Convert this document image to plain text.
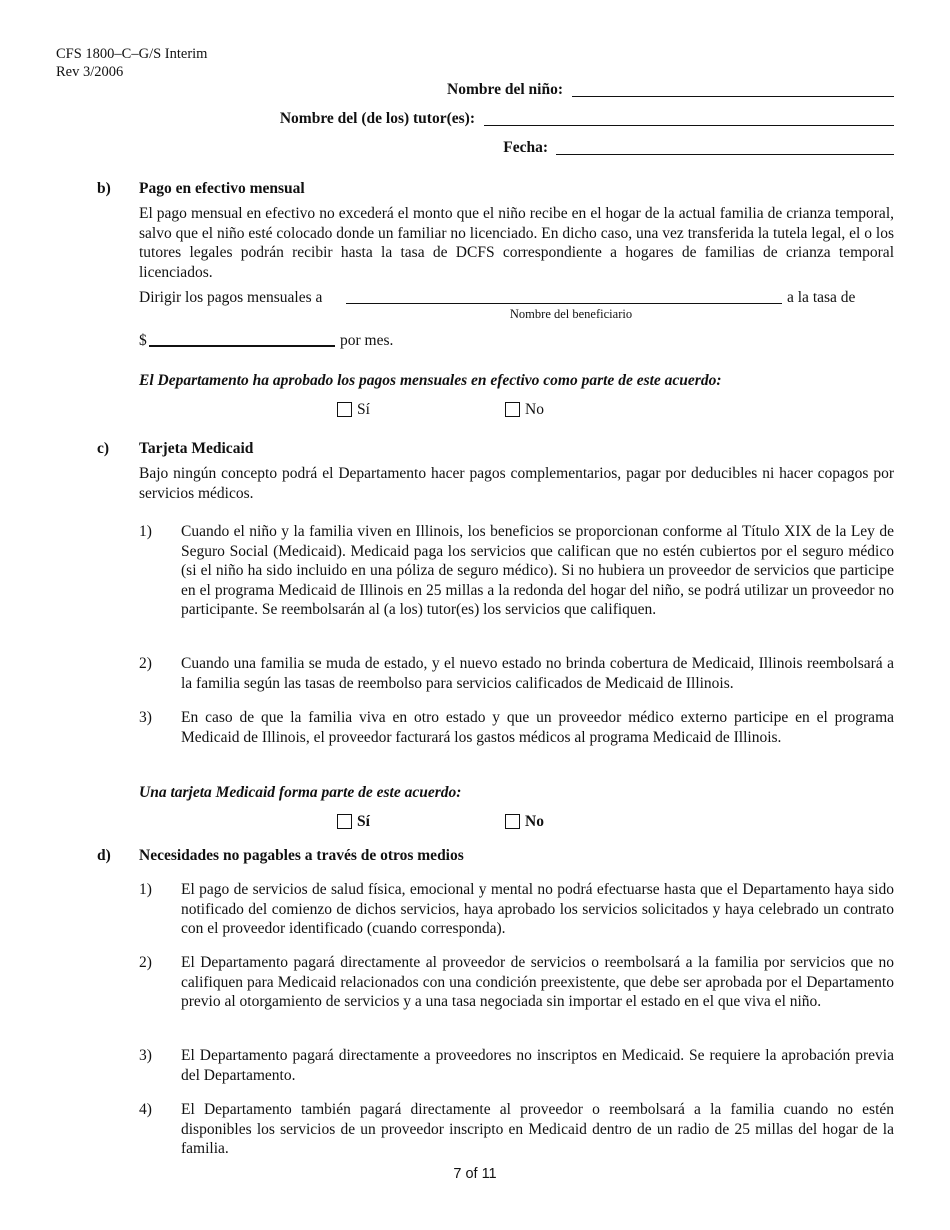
CFS 1800–C–G/S Interim
Rev 3/2006
Nombre del niño:
Nombre del (de los) tutor(es):
Fecha:
b) Pago en efectivo mensual
El pago mensual en efectivo no excederá el monto que el niño recibe en el hogar de la actual familia de crianza temporal, salvo que el niño esté colocado donde un familiar no licenciado. En dicho caso, una vez transferida la tutela legal, el o los tutores legales podrán recibir hasta la tasa de DCFS correspondiente a hogares de familias de crianza temporal licenciados.
Dirigir los pagos mensuales a	a la tasa de
Nombre del beneficiario
$	por mes.
El Departamento ha aprobado los pagos mensuales en efectivo como parte de este acuerdo:
Sí	No
c) Tarjeta Medicaid
Bajo ningún concepto podrá el Departamento hacer pagos complementarios, pagar por deducibles ni hacer copagos por servicios médicos.
1) Cuando el niño y la familia viven en Illinois, los beneficios se proporcionan conforme al Título XIX de la Ley de Seguro Social (Medicaid). Medicaid paga los servicios que califican que no estén cubiertos por el seguro médico (si el niño ha sido incluido en una póliza de seguro médico). Si no hubiera un proveedor de servicios que participe en el programa Medicaid de Illinois en 25 millas a la redonda del hogar del niño, se podrá utilizar un proveedor no participante. Se reembolsarán al (a los) tutor(es) los servicios que califiquen.
2) Cuando una familia se muda de estado, y el nuevo estado no brinda cobertura de Medicaid, Illinois reembolsará a la familia según las tasas de reembolso para servicios calificados de Medicaid de Illinois.
3) En caso de que la familia viva en otro estado y que un proveedor médico externo participe en el programa Medicaid de Illinois, el proveedor facturará los gastos médicos al programa Medicaid de Illinois.
Una tarjeta Medicaid forma parte de este acuerdo:
Sí	No
d) Necesidades no pagables a través de otros medios
1) El pago de servicios de salud física, emocional y mental no podrá efectuarse hasta que el Departamento haya sido notificado del comienzo de dichos servicios, haya aprobado los servicios solicitados y haya celebrado un contrato con el proveedor identificado (cuando corresponda).
2) El Departamento pagará directamente al proveedor de servicios o reembolsará a la familia por servicios que no califiquen para Medicaid relacionados con una condición preexistente, que debe ser aprobada por el Departamento previo al otorgamiento de servicios y a una tasa negociada sin importar el estado en el que viva el niño.
3) El Departamento pagará directamente a proveedores no inscriptos en Medicaid. Se requiere la aprobación previa del Departamento.
4) El Departamento también pagará directamente al proveedor o reembolsará a la familia cuando no estén disponibles los servicios de un proveedor inscripto en Medicaid dentro de un radio de 25 millas del hogar de la familia.
7 of 11
